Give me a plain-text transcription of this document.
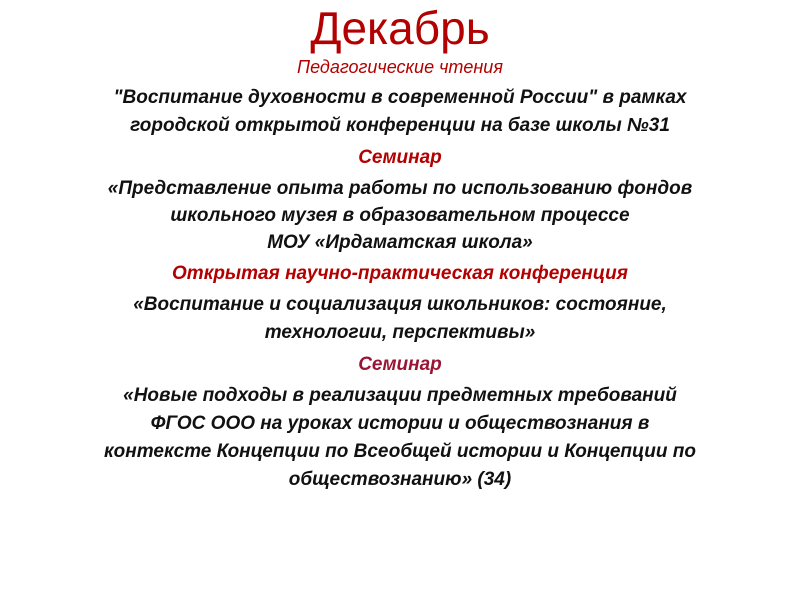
Декабрь
Педагогические чтения
"Воспитание духовности в современной России" в рамках
городской открытой конференции на базе школы №31
Семинар
«Представление опыта работы по использованию фондов
школьного музея в образовательном процессе
МОУ «Ирдаматская школа»
Открытая научно-практическая конференция
«Воспитание и социализация школьников: состояние,
технологии, перспективы»
Семинар
«Новые подходы в реализации предметных требований
ФГОС ООО на уроках истории и обществознания в
контексте Концепции по Всеобщей истории и Концепции по
обществознанию» (34)
